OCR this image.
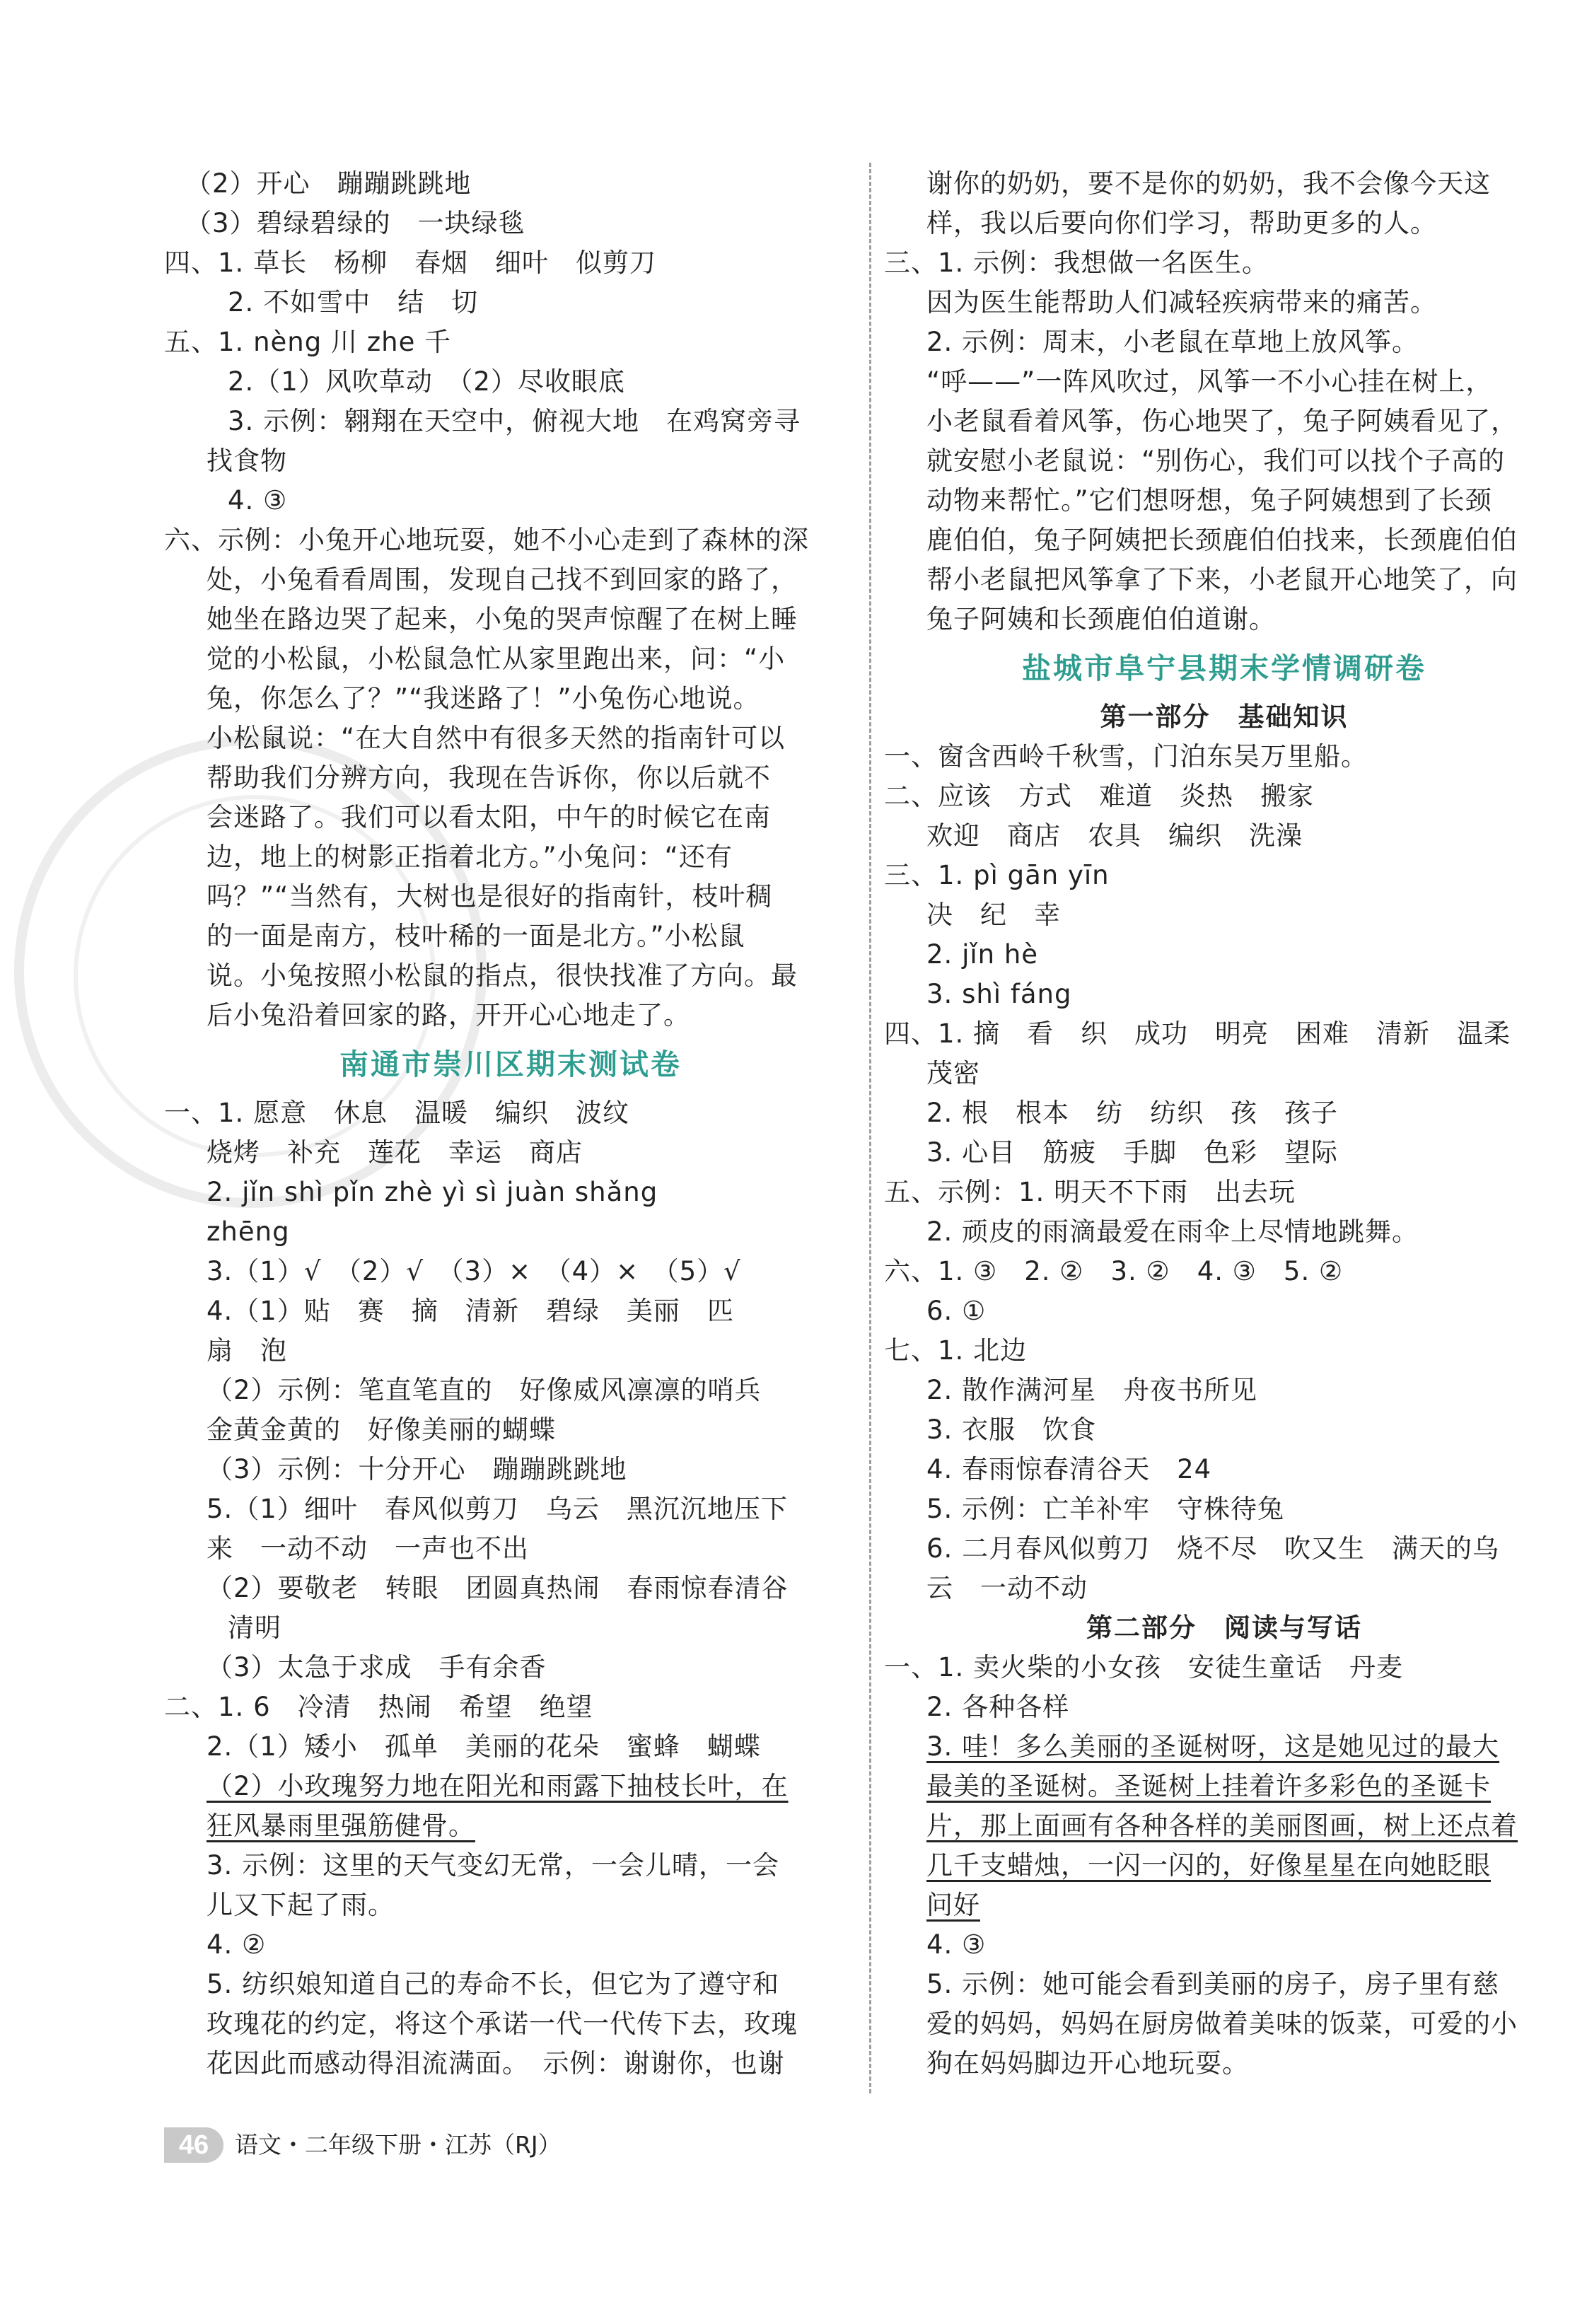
（2）开心　蹦蹦跳跳地
（3）碧绿碧绿的　一块绿毯
四、1. 草长　杨柳　春烟　细叶　似剪刀
2. 不如雪中　结　切
五、1. nèng 川 zhe 千
2.（1）风吹草动　（2）尽收眼底
3. 示例：翱翔在天空中，俯视大地　在鸡窝旁寻
找食物
4. ③
六、示例：小兔开心地玩耍，她不小心走到了森林的深
处，小兔看看周围，发现自己找不到回家的路了，
她坐在路边哭了起来，小兔的哭声惊醒了在树上睡
觉的小松鼠，小松鼠急忙从家里跑出来，问：“小
兔，你怎么了？”“我迷路了！”小兔伤心地说。
小松鼠说：“在大自然中有很多天然的指南针可以
帮助我们分辨方向，我现在告诉你，你以后就不
会迷路了。我们可以看太阳，中午的时候它在南
边，地上的树影正指着北方。”小兔问：“还有
吗？”“当然有，大树也是很好的指南针，枝叶稠
的一面是南方，枝叶稀的一面是北方。”小松鼠
说。小兔按照小松鼠的指点，很快找准了方向。最
后小兔沿着回家的路，开开心心地走了。
南通市崇川区期末测试卷
一、1. 愿意　休息　温暖　编织　波纹
烧烤　补充　莲花　幸运　商店
2. jǐn shì pǐn zhè yì sì juàn shǎng
zhēng
3.（1）√　（2）√　（3）×　（4）×　（5）√
4.（1）贴　赛　摘　清新　碧绿　美丽　匹
扇　泡
（2）示例：笔直笔直的　好像威风凛凛的哨兵
金黄金黄的　好像美丽的蝴蝶
（3）示例：十分开心　蹦蹦跳跳地
5.（1）细叶　春风似剪刀　乌云　黑沉沉地压下
来　一动不动　一声也不出
（2）要敬老　转眼　团圆真热闹　春雨惊春清谷
清明
（3）太急于求成　手有余香
二、1. 6　冷清　热闹　希望　绝望
2.（1）矮小　孤单　美丽的花朵　蜜蜂　蝴蝶
（2）小玫瑰努力地在阳光和雨露下抽枝长叶，在
狂风暴雨里强筋健骨。
3. 示例：这里的天气变幻无常，一会儿晴，一会
儿又下起了雨。
4. ②
5. 纺织娘知道自己的寿命不长，但它为了遵守和
玫瑰花的约定，将这个承诺一代一代传下去，玫瑰
花因此而感动得泪流满面。　示例：谢谢你，也谢
谢你的奶奶，要不是你的奶奶，我不会像今天这
样，我以后要向你们学习，帮助更多的人。
三、1. 示例：我想做一名医生。
因为医生能帮助人们减轻疾病带来的痛苦。
2. 示例：周末，小老鼠在草地上放风筝。
“呼——”一阵风吹过，风筝一不小心挂在树上，
小老鼠看着风筝，伤心地哭了，兔子阿姨看见了，
就安慰小老鼠说：“别伤心，我们可以找个子高的
动物来帮忙。”它们想呀想，兔子阿姨想到了长颈
鹿伯伯，兔子阿姨把长颈鹿伯伯找来，长颈鹿伯伯
帮小老鼠把风筝拿了下来，小老鼠开心地笑了，向
兔子阿姨和长颈鹿伯伯道谢。
盐城市阜宁县期末学情调研卷
第一部分　基础知识
一、窗含西岭千秋雪，门泊东吴万里船。
二、应该　方式　难道　炎热　搬家
欢迎　商店　农具　编织　洗澡
三、1. pì gān yīn
决　纪　幸
2. jǐn hè
3. shì fáng
四、1. 摘　看　织　成功　明亮　困难　清新　温柔
茂密
2. 根　根本　纺　纺织　孩　孩子
3. 心目　筋疲　手脚　色彩　望际
五、示例：1. 明天不下雨　出去玩
2. 顽皮的雨滴最爱在雨伞上尽情地跳舞。
六、1. ③　2. ②　3. ②　4. ③　5. ②
6. ①
七、1. 北边
2. 散作满河星　舟夜书所见
3. 衣服　饮食
4. 春雨惊春清谷天　24
5. 示例：亡羊补牢　守株待兔
6. 二月春风似剪刀　烧不尽　吹又生　满天的乌
云　一动不动
第二部分　阅读与写话
一、1. 卖火柴的小女孩　安徒生童话　丹麦
2. 各种各样
3. 哇！多么美丽的圣诞树呀，这是她见过的最大
最美的圣诞树。圣诞树上挂着许多彩色的圣诞卡
片，那上面画有各种各样的美丽图画，树上还点着
几千支蜡烛，一闪一闪的，好像星星在向她眨眼
问好
4. ③
5. 示例：她可能会看到美丽的房子，房子里有慈
爱的妈妈，妈妈在厨房做着美味的饭菜，可爱的小
狗在妈妈脚边开心地玩耍。
46	语文・二年级下册・江苏（RJ）
